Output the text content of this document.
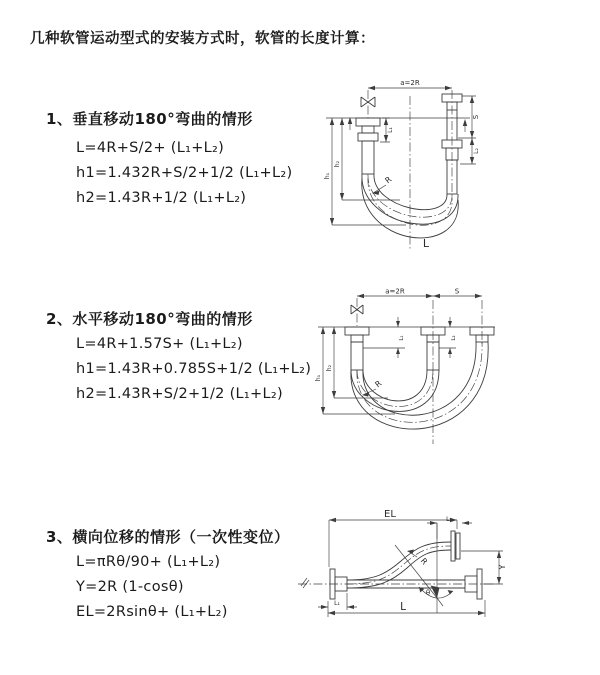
几种软管运动型式的安装方式时，软管的长度计算：
1、垂直移动180°弯曲的情形
L=4R+S/2+ (L₁+L₂)
h1=1.432R+S/2+1/2 (L₁+L₂)
h2=1.43R+1/2 (L₁+L₂)
a=2R
L₁
S
L₂
h₁
h₂
R
L
2、水平移动180°弯曲的情形
L=4R+1.57S+ (L₁+L₂)
h1=1.43R+0.785S+1/2 (L₁+L₂)
h2=1.43R+S/2+1/2 (L₁+L₂)
a=2R	S
L₁	L₂
h₁
h₂
R
3、横向位移的情形（一次性变位）
L=πRθ/90+ (L₁+L₂)
Y=2R (1-cosθ)
EL=2Rsinθ+ (L₁+L₂)
EL	L₂
Y
L
L₁
R
θ
